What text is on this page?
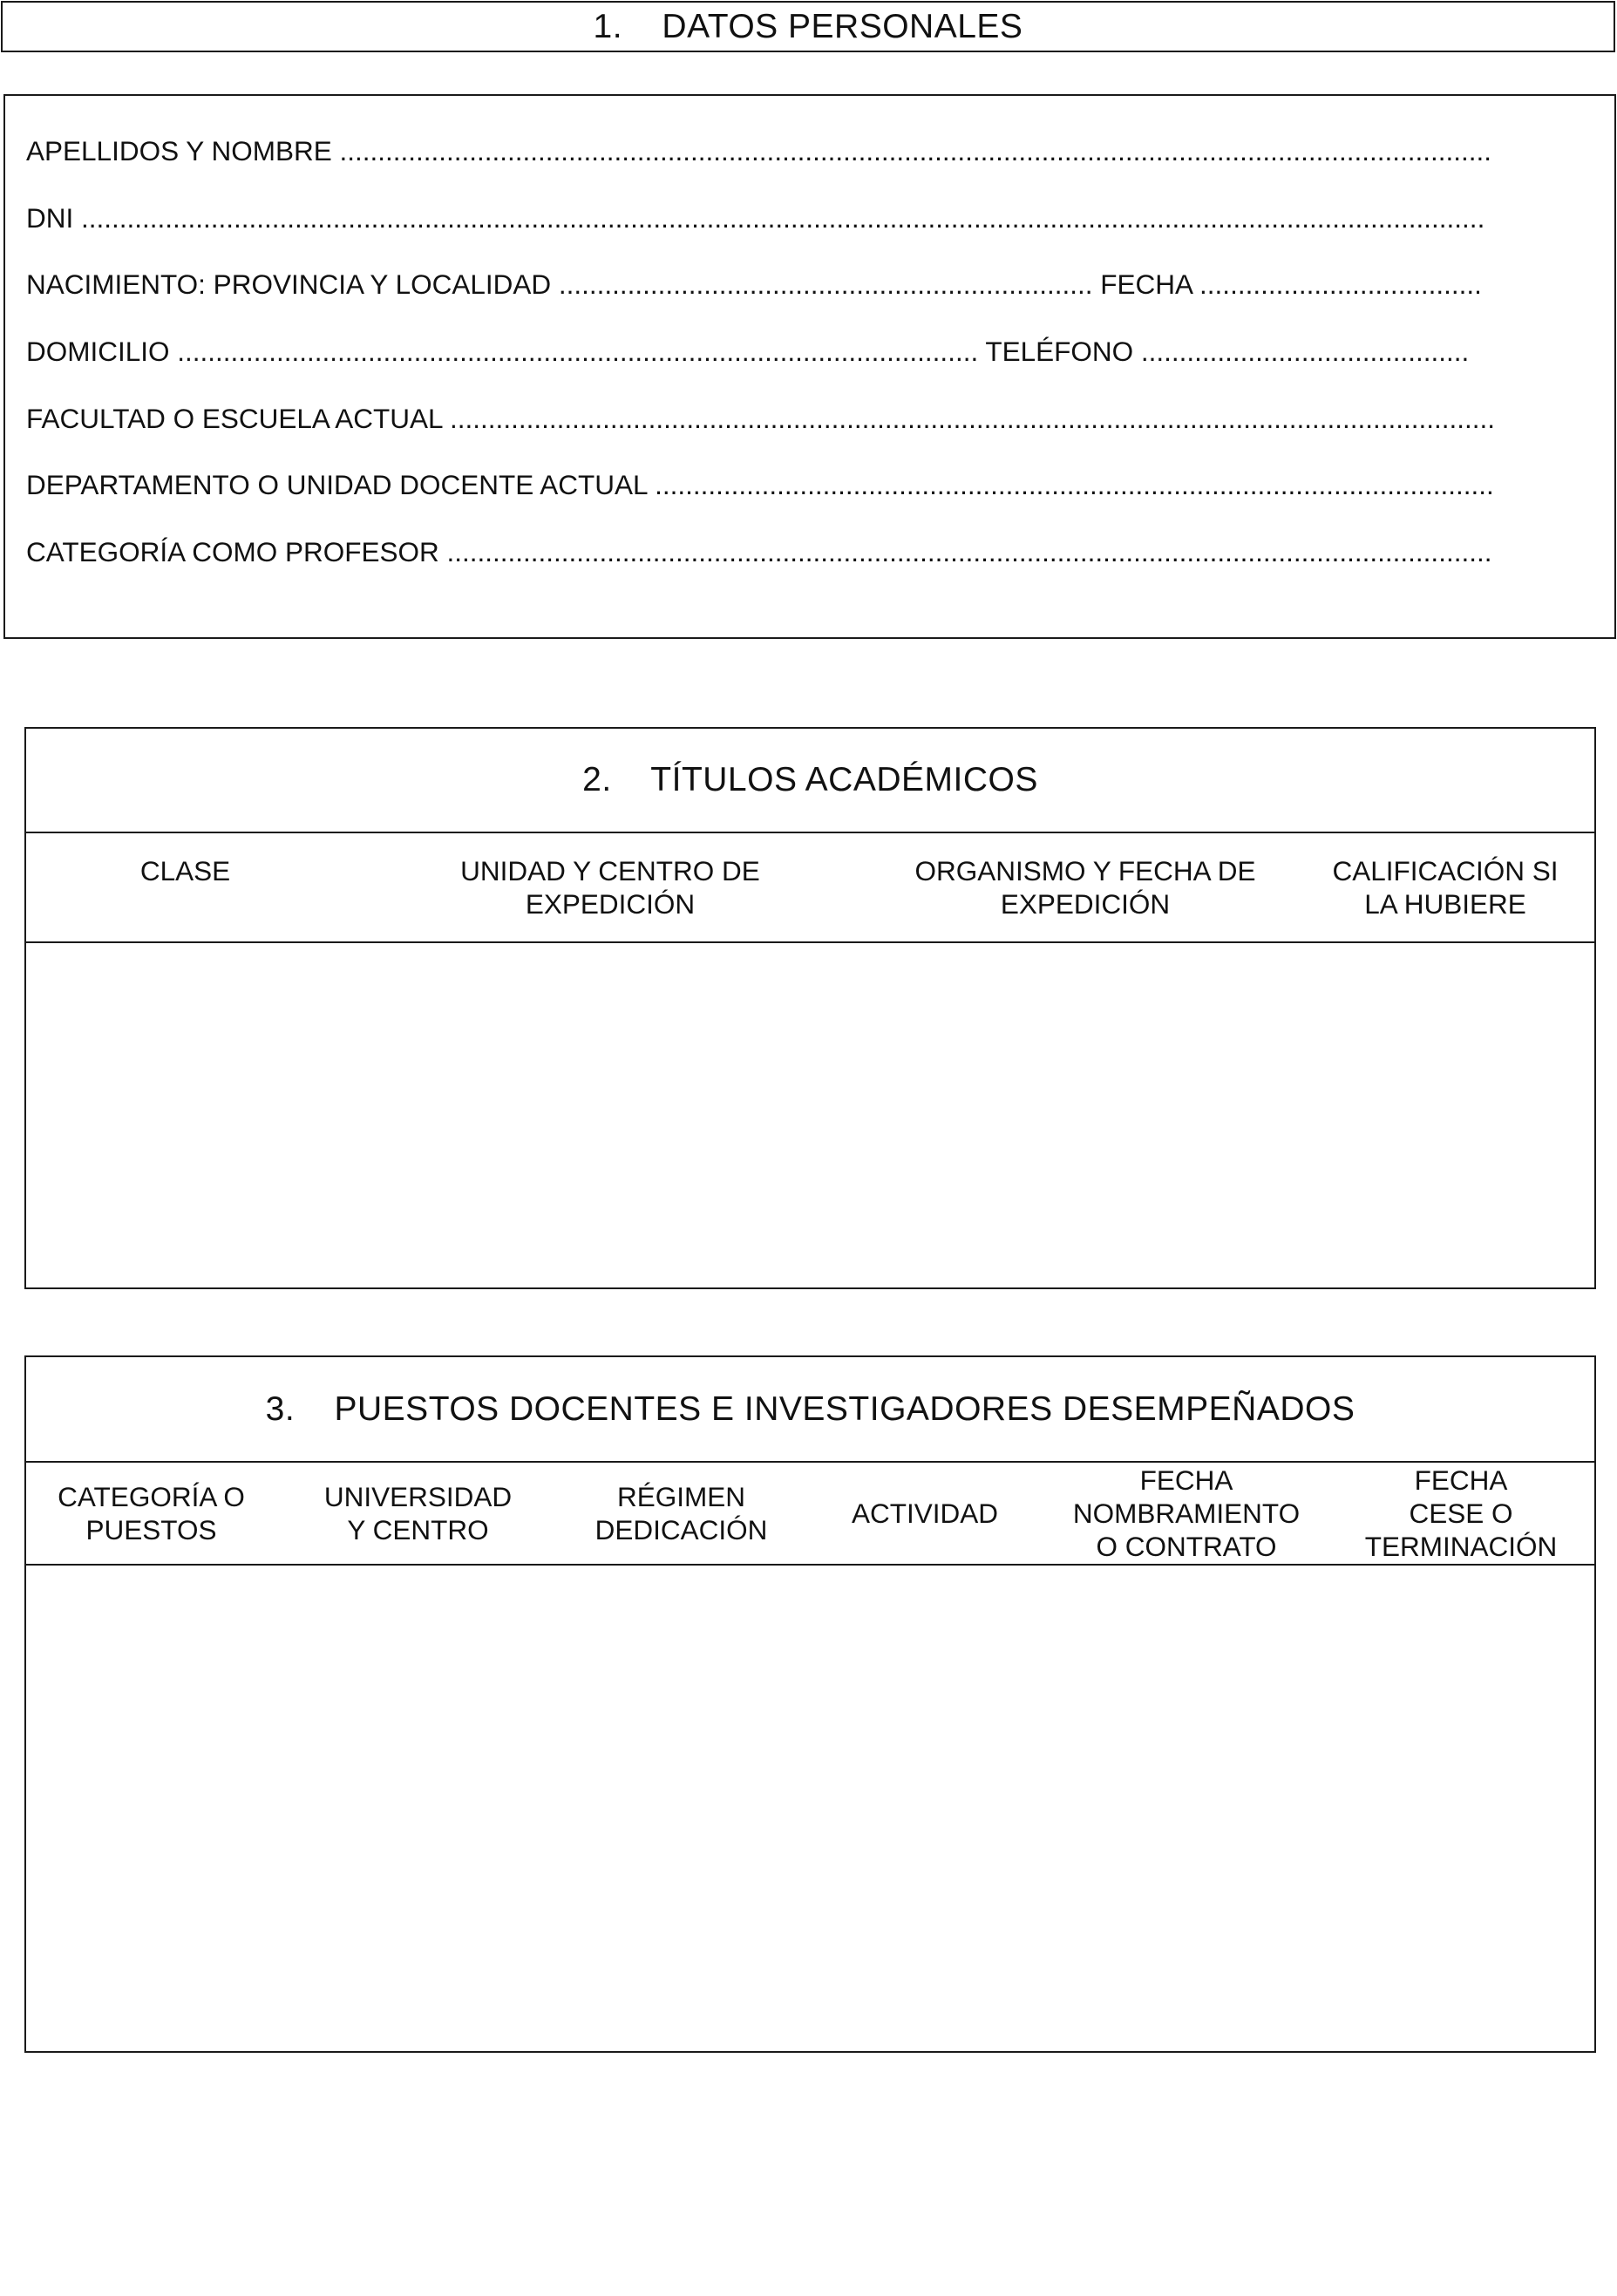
1.    DATOS PERSONALES
APELLIDOS Y NOMBRE .......................................................................................................................................................
DNI ........................................................................................................................................................................................
NACIMIENTO: PROVINCIA Y LOCALIDAD ...................................................................... FECHA .....................................
DOMICILIO ......................................................................................................... TELÉFONO ...........................................
FACULTAD O ESCUELA ACTUAL .........................................................................................................................................
DEPARTAMENTO O UNIDAD DOCENTE ACTUAL ..............................................................................................................
CATEGORÍA COMO PROFESOR .........................................................................................................................................
2.    TÍTULOS ACADÉMICOS
CLASE	UNIDAD Y CENTRO DE
EXPEDICIÓN
ORGANISMO Y FECHA DE
EXPEDICIÓN
CALIFICACIÓN SI
LA HUBIERE
3.    PUESTOS DOCENTES E INVESTIGADORES DESEMPEÑADOS
CATEGORÍA O
PUESTOS
UNIVERSIDAD
Y CENTRO
RÉGIMEN
DEDICACIÓN
ACTIVIDAD
FECHA
NOMBRAMIENTO
O CONTRATO
FECHA
CESE O
TERMINACIÓN
